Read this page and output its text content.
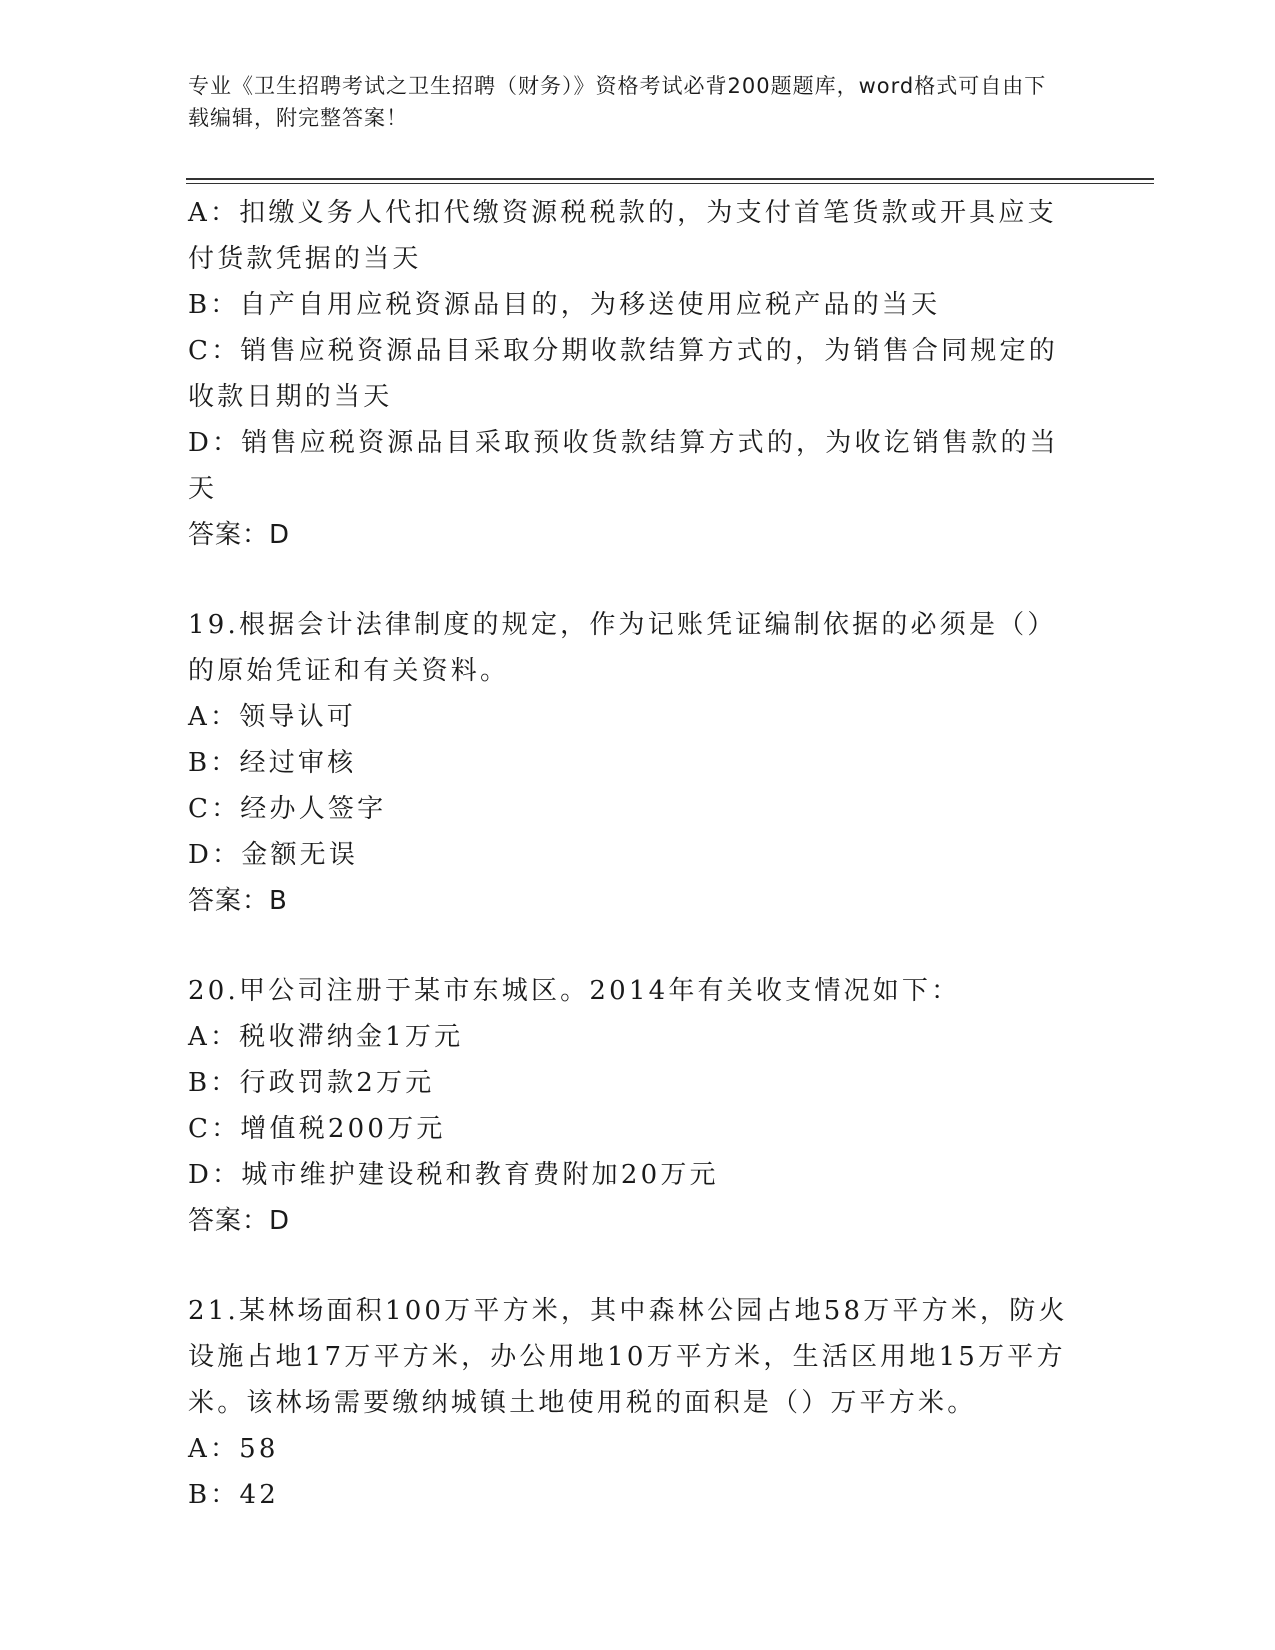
专业《卫生招聘考试之卫生招聘（财务）》资格考试必背200题题库，word格式可自由下载编辑，附完整答案！

A：扣缴义务人代扣代缴资源税税款的，为支付首笔货款或开具应支付货款凭据的当天

B：自产自用应税资源品目的，为移送使用应税产品的当天

C：销售应税资源品目采取分期收款结算方式的，为销售合同规定的收款日期的当天

D：销售应税资源品目采取预收货款结算方式的，为收讫销售款的当天

答案：D

19.根据会计法律制度的规定，作为记账凭证编制依据的必须是（）的原始凭证和有关资料。

A：领导认可

B：经过审核

C：经办人签字

D：金额无误

答案：B

20.甲公司注册于某市东城区。2014年有关收支情况如下：

A：税收滞纳金1万元

B：行政罚款2万元

C：增值税200万元

D：城市维护建设税和教育费附加20万元

答案：D

21.某林场面积100万平方米，其中森林公园占地58万平方米，防火设施占地17万平方米，办公用地10万平方米，生活区用地15万平方米。该林场需要缴纳城镇土地使用税的面积是（）万平方米。

A：58

B：42
